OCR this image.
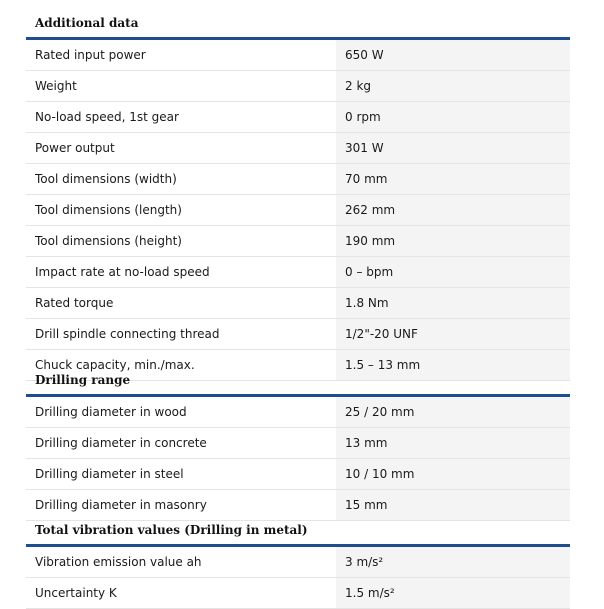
Additional data
Rated input power	650 W
Weight	2 kg
No-load speed, 1st gear	0 rpm
Power output	301 W
Tool dimensions (width)	70 mm
Tool dimensions (length)	262 mm
Tool dimensions (height)	190 mm
Impact rate at no-load speed	0 – bpm
Rated torque	1.8 Nm
Drill spindle connecting thread	1/2"-20 UNF
Chuck capacity, min./max.	1.5 – 13 mm
Drilling range
Drilling diameter in wood	25 / 20 mm
Drilling diameter in concrete	13 mm
Drilling diameter in steel	10 / 10 mm
Drilling diameter in masonry	15 mm
Total vibration values (Drilling in metal)
Vibration emission value ah	3 m/s²
Uncertainty K	1.5 m/s²
